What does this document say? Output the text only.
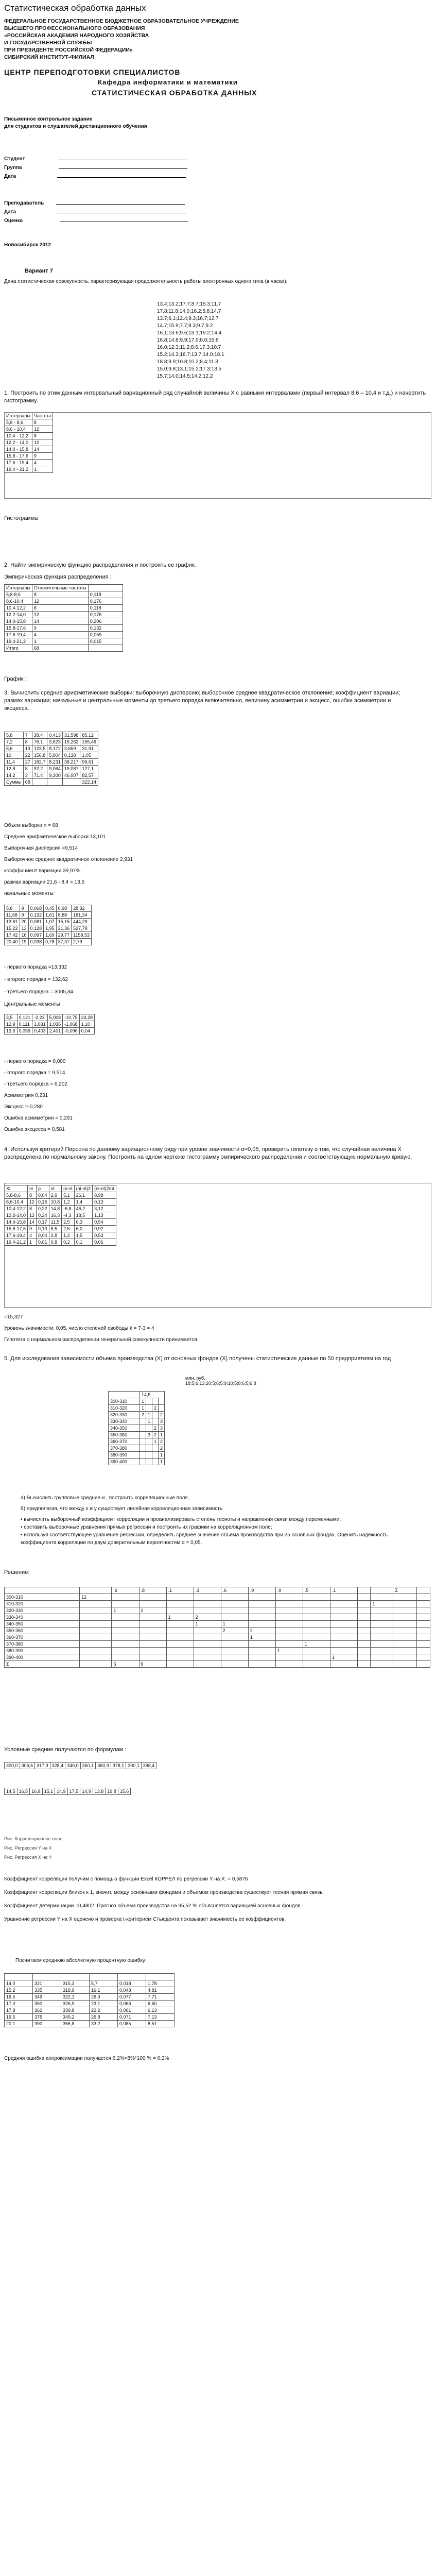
Статистическая обработка данных
ФЕДЕРАЛЬНОЕ ГОСУДАРСТВЕННОЕ БЮДЖЕТНОЕ ОБРАЗОВАТЕЛЬНОЕ УЧРЕЖДЕНИЕ
ВЫСШЕГО ПРОФЕССИОНАЛЬНОГО ОБРАЗОВАНИЯ
«РОССИЙСКАЯ АКАДЕМИЯ НАРОДНОГО ХОЗЯЙСТВА
И ГОСУДАРСТВЕННОЙ СЛУЖБЫ
ПРИ ПРЕЗИДЕНТЕ РОССИЙСКОЙ ФЕДЕРАЦИИ»
СИБИРСКИЙ ИНСТИТУТ-ФИЛИАЛ
ЦЕНТР ПЕРЕПОДГОТОВКИ СПЕЦИАЛИСТОВ
Кафедра информатики и математики
СТАТИСТИЧЕСКАЯ ОБРАБОТКА ДАННЫХ
Письменное контрольное задание
для студентов и слушателей дистанционного обучения
Студент
Группа
Дата
Преподаватель
Дата
Оценка
Новосибирск 2012
Вариант 7
Дана статистическая совокупность, характеризующая продолжительность работы электронных одного типа (в часах).
13.4;13.2;17.7;8.7;15.3;11.7
17.8;11.8;14.0;16.2;5.8;14.7
13.7;6.1;12.4;9.3;16.7;12.7
14.7;15.9;7.7;8.3;9.7;9.2
16.1;13.6;9.6;13.1;19.2;14.4
16.8;14.8;9.9;17.0;8.0;15.6
16.0;12.3;11.2;8.6;17.3;10.7
15.2;14.3;16.7;13.7;14.0;18.1
18.8;9.9;10.8;10.2;8.4;11.3
15.0;9.8;13.1;15.2;17.3;13.5
15.7;14.0;14.5;14.2;12.2
1. Построить по этим данным интервальный вариационный ряд случайной величины X с равными интервалами (первый интервал 8,6 – 10,4 и т.д.) и начертить гистограмму.
Интервалы	Частота
5,8 - 8,6	8
8,6 - 10,4	12
10,4 - 12,2	8
12,2 - 14,0	12
14,0 - 15,8	14
15,8 - 17,6	9
17,6 - 19,4	4
19,4 - 21,2	1
Гистограмма
2. Найти эмпирическую функцию распределения и построить ее график.
Эмпирическая функция распределения :
Интервалы	Относительные частоты	
5,8-8,6	8	0,118
8,6-10,4	12	0,176
10,4-12,2	8	0,118
12,2-14,0	12	0,176
14,0-15,8	14	0,206
15,8-17,6	9	0,132
17,6-19,4	4	0,059
19,4-21,2	1	0,015
Итого	68	
График :
3. Вычислить средние арифметические выборки; выборочную дисперсию; выборочное среднее квадратическое отклонение; коэффициент вариации; размах вариации; начальные и центральные моменты до третьего порядка включительно, величину асимметрии и эксцесс, ошибки асимметрии и эксцесса.
5,8	7	38,4	0,413	31,598	85,12
7,2	8	76,1	3,623	15,262	155,46
8,6	13	123,5	8,172	3,659	31,91
10	22	156,8	5,004	0,138	1,05
11,4	27	182,7	8,231	38,217	99,61
12,8	8	92,2	9,064	19,087	127,1
14,2	3	71,4	9,300	46,007	82,57
Суммы	68				322,14
Объем выборки n = 68
Среднее арифметическое выборки 13,101
Выборочная дисперсия =9,514
Выборочное среднее квадратичное отклонение 2,931
коэффициент вариации 39,97%
размах вариации 21,6 - 8,4 = 13,5
начальные моменты
5,8	9	0,068	0,45	6,98	28,32
11,68	9	0,132	1,61	8,88	181,34
13,61	20	0,081	1,07	15,15	444,29
15,22	13	0,128	1,95	21,36	527,79
17,42	16	0,097	1,69	29,77	1159,53
20,40	19	0,038	0,78	37,37	2,79
- первого порядка =13,332
- второго порядка = 132,62
- третьего порядка = 3005,34
Центральные моменты
3,5	0,121	-2,23	5,008	-10,75	24,28
12,9	0,111	1,031	1,036	-1,068	1,10
13,6	0,059	0,403	2,401	-0,096	0,04
- первого порядка = 0,000
- второго порядка = 9,514
- третьего порядка = 6,202
Асимметрия 0,231
Эксцесс =-0,280
Ошибка асимметрии = 0,291
Ошибка эксцесса = 0,581
4. Используя критерий Пирсона по данному вариационному ряду при уровне значимости α=0,05, проверить гипотезу о том, что случайная величина X распределена по нормальному закону. Построить на одном чертеже гистограмму эмпирического распределения и соответствующую нормальную кривую.
Xi	ni	p	nt	ni-nt	(ni-nt)2	(ni-nt)2/nt
5,8-8,6	8	0,04	2,9	5,1	26,1	8,98
8,6-10,4	12	0,16	10,8	1,2	1,4	0,13
10,4-12,2	8	0,22	14,8	-6,8	46,2	3,12
12,2-14,0	12	0,24	16,3	-4,3	18,5	1,13
14,0-15,8	14	0,17	11,5	2,5	6,3	0,54
15,8-17,6	9	0,10	6,5	2,5	6,0	0,92
17,6-19,4	4	0,04	2,8	1,2	1,5	0,53
19,4-21,2	1	0,01	0,8	0,2	0,1	0,06
=15,327
Уровень значимости: 0,05, число степеней свободы k = 7-3 = 4
Гипотеза о нормальном распределении генеральной совокупности принимается.
5. Для исследования зависимости объема производства (Х) от основных фондов (Х) получены статистические данные по 50 предприятиям на год
млн. руб.
18;5;6;13;20;5;6;5;9;10;5;8;6;5;6;8
	14,5			
300-310	1			
310-320	1		2	
320-330	2	1		2
330-340		1		3
340-350			2	3
350-360		3	2	1
360-370			1	2
370-380				2
380-390				1
390-400				1
а) Вычислить групповые средние и , построить корреляционные поля.
б) предполагая, что между x и y существует линейная корреляционная зависимость:
• вычислить выборочный коэффициент корреляции и проанализировать степень тесноты и направления связи между переменными;
• составить выборочные уравнения прямых регрессии и построить их графики на корреляционном поле;
• используя соответствующее уравнение регрессии, определить среднее значение объема производства при 25 основных фондах. Оценить надежность коэффициента корреляции по двум доверительным вероятностям α = 0,05.
Решение:
		.6	.8	.1	.3	.6	.9	.9	.5	.1			Σ	
300-310	12													
310-320												1		
320-330		1	2											
330-340				1	2									
340-350					1	1								
350-360						2	2							
360-370							1							
370-380									1					
380-390								1						
390-400										1				
Σ		5	9											
Условные средние получаются по формулам :
300,0	306,5	317,3	328,4	340,0	350,1	360,9	378,1	390,1	398,4
14,5	16,5	16,9	15,1	14,9	17,5	14,9	13,8	19,8	15,6
Рис. Корреляционное поле
Рис. Регрессия Y на X
Рис. Регрессия X на Y
Коэффициент корреляции получим с помощью функции Excel КОРРЕЛ по регрессии Y на X: = 0,5876
Коэффициент корреляции близок к 1, значит, между основными фондами и объемом производства существует тесная прямая связь.
Коэффициент детерминации =0,4802. Прогноз объема производства на 95,52 % объясняется вариацией основных фондов.
Уравнение регрессии Y на X оценено и проверка t-критерием Стьюдента показывает значимость ее коэффициентов.
Посчитаем среднюю абсолютную процентную ошибку:

14,0	321	315,3	5,7	0,018	1,78
15,2	335	318,9	16,1	0,048	4,81
16,5	349	322,1	26,9	0,077	7,71
17,0	350	326,9	23,1	0,066	6,60
17,8	362	339,8	22,2	0,061	6,13
19,5	376	349,2	26,8	0,071	7,13
20,1	390	356,8	33,2	0,085	8,51
Средняя ошибка аппроксимации получается 6,2%<8%*100 % = 6,2%
